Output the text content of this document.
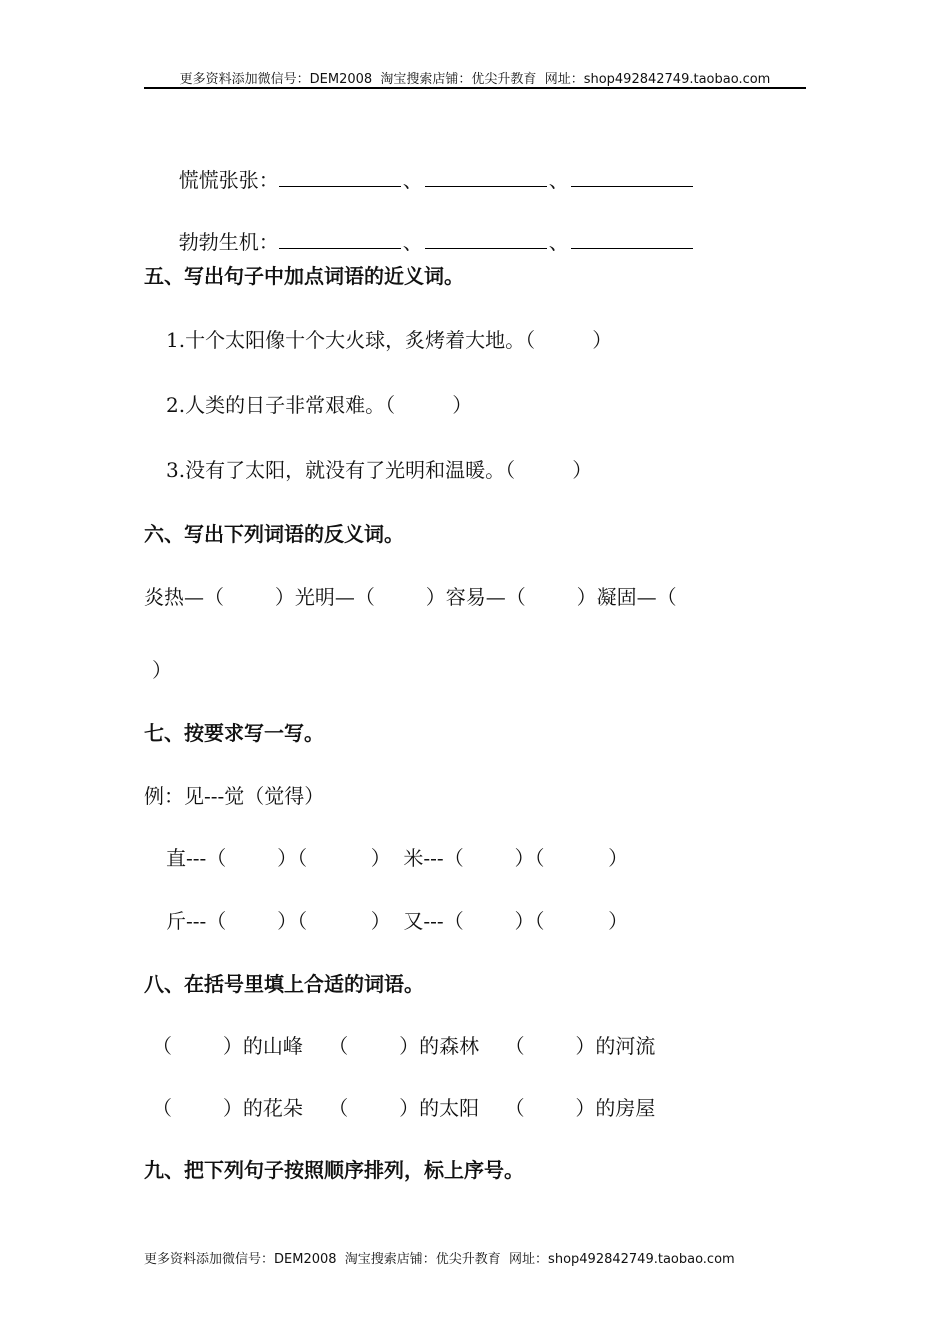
更多资料添加微信号：DEM2008  淘宝搜索店铺：优尖升教育  网址：shop492842749.taobao.com

慌慌张张：	、	、

勃勃生机：	、	、

五、写出句子中加点词语的近义词。
1.十个太阳像十个大火球，炙烤着大地。（         ）
2.人类的日子非常艰难。（         ）
3.没有了太阳，就没有了光明和温暖。（         ）
六、写出下列词语的反义词。
炎热—（        ）光明—（        ）容易—（        ）凝固—（
）
七、按要求写一写。
例：见---觉（觉得）
直---（        ）（          ）  米---（        ）（          ）
斤---（        ）（          ）  又---（        ）（          ）
八、在括号里填上合适的词语。
（        ）的山峰    （        ）的森林    （        ）的河流
（        ）的花朵    （        ）的太阳    （        ）的房屋
九、把下列句子按照顺序排列，标上序号。
更多资料添加微信号：DEM2008  淘宝搜索店铺：优尖升教育  网址：shop492842749.taobao.com
